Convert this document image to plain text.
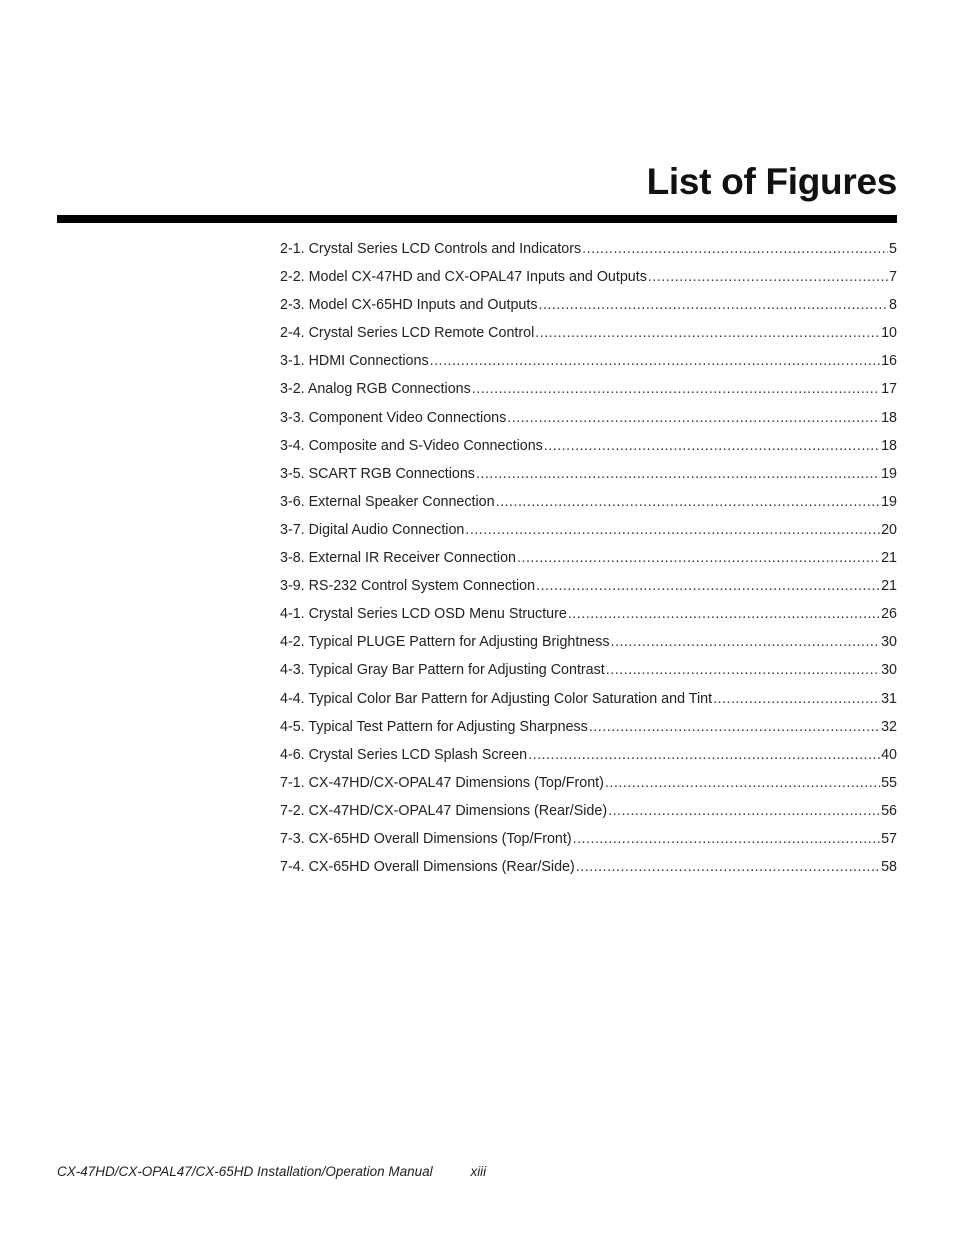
List of Figures
2-1. Crystal Series LCD Controls and Indicators .....	5
2-2. Model CX-47HD and CX-OPAL47 Inputs and Outputs .....	7
2-3. Model CX-65HD Inputs and Outputs .....	8
2-4. Crystal Series LCD Remote Control .....	10
3-1. HDMI Connections .....	16
3-2. Analog RGB Connections .....	17
3-3. Component Video Connections .....	18
3-4. Composite and S-Video Connections .....	18
3-5. SCART RGB Connections .....	19
3-6. External Speaker Connection .....	19
3-7. Digital Audio Connection .....	20
3-8. External IR Receiver Connection .....	21
3-9. RS-232 Control System Connection .....	21
4-1. Crystal Series LCD OSD Menu Structure .....	26
4-2. Typical PLUGE Pattern for Adjusting Brightness .....	30
4-3. Typical Gray Bar Pattern for Adjusting Contrast .....	30
4-4. Typical Color Bar Pattern for Adjusting Color Saturation and Tint .....	31
4-5. Typical Test Pattern for Adjusting Sharpness .....	32
4-6. Crystal Series LCD Splash Screen .....	40
7-1. CX-47HD/CX-OPAL47 Dimensions (Top/Front) .....	55
7-2. CX-47HD/CX-OPAL47 Dimensions (Rear/Side) .....	56
7-3. CX-65HD Overall Dimensions (Top/Front) .....	57
7-4. CX-65HD Overall Dimensions (Rear/Side) .....	58
CX-47HD/CX-OPAL47/CX-65HD Installation/Operation Manual	xiii
